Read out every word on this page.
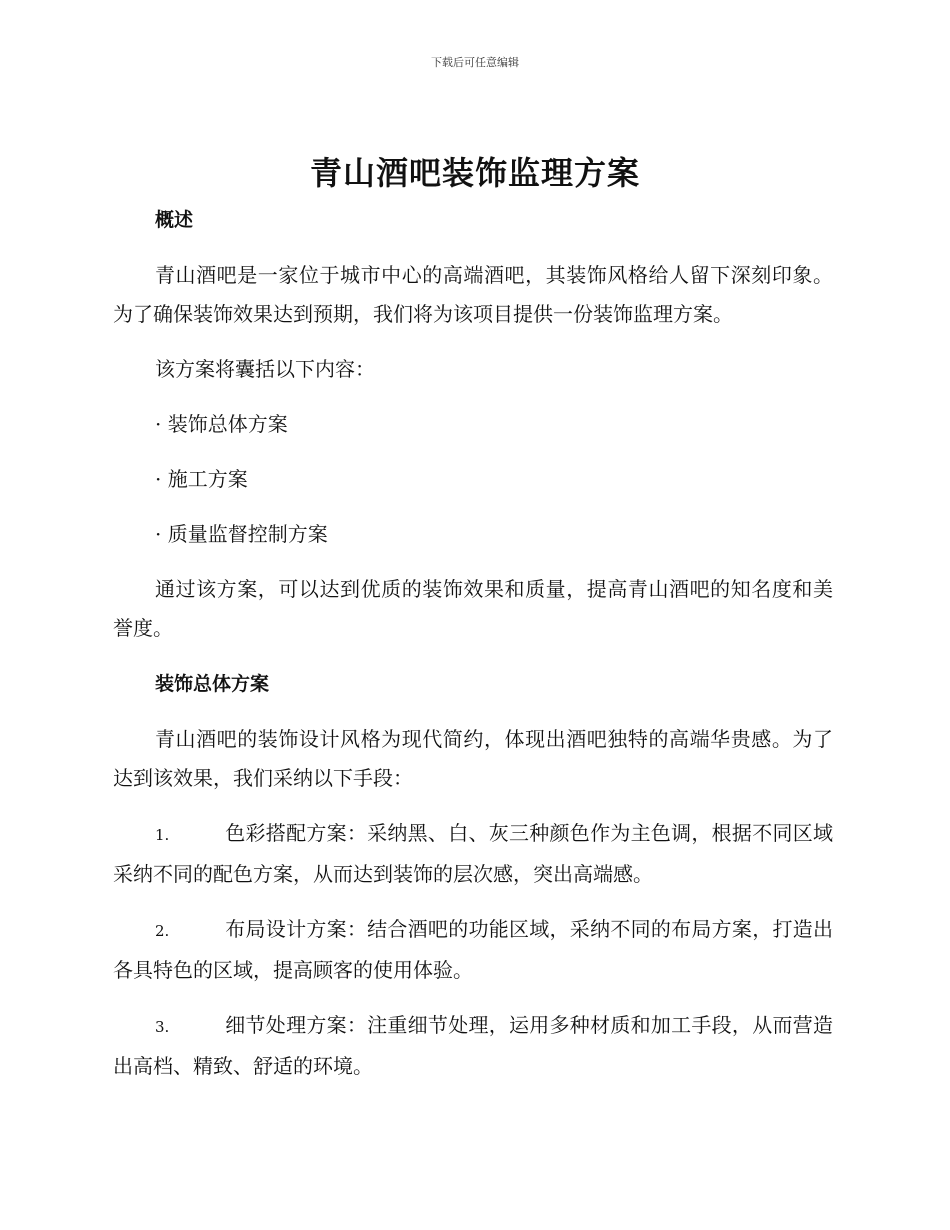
下载后可任意编辑
青山酒吧装饰监理方案
概述

青山酒吧是一家位于城市中心的高端酒吧，其装饰风格给人留下深刻印象。为了确保装饰效果达到预期，我们将为该项目提供一份装饰监理方案。

该方案将囊括以下内容：

· 装饰总体方案
· 施工方案
· 质量监督控制方案

通过该方案，可以达到优质的装饰效果和质量，提高青山酒吧的知名度和美誉度。

装饰总体方案

青山酒吧的装饰设计风格为现代简约，体现出酒吧独特的高端华贵感。为了达到该效果，我们采纳以下手段：

1.	色彩搭配方案：采纳黑、白、灰三种颜色作为主色调，根据不同区域采纳不同的配色方案，从而达到装饰的层次感，突出高端感。

2.	布局设计方案：结合酒吧的功能区域，采纳不同的布局方案，打造出各具特色的区域，提高顾客的使用体验。

3.	细节处理方案：注重细节处理，运用多种材质和加工手段，从而营造出高档、精致、舒适的环境。
